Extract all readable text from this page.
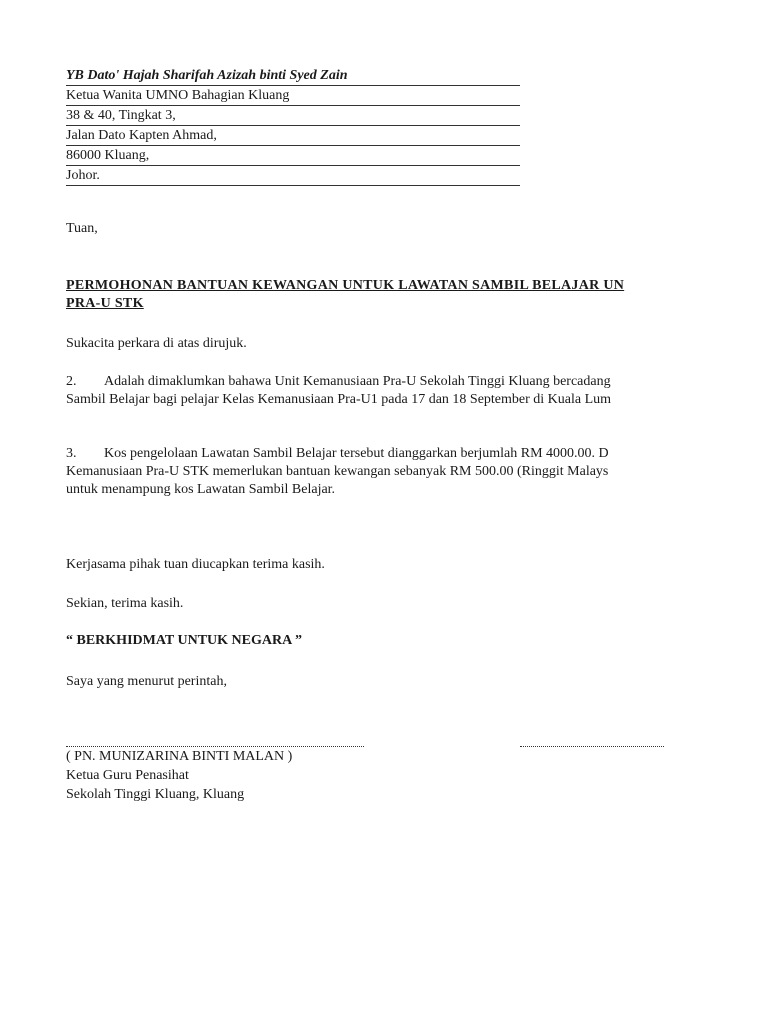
YB Dato' Hajah Sharifah Azizah binti Syed Zain
Ketua Wanita UMNO Bahagian Kluang
38 & 40, Tingkat 3,
Jalan Dato Kapten Ahmad,
86000 Kluang,
Johor.
Tuan,
PERMOHONAN BANTUAN KEWANGAN UNTUK LAWATAN SAMBIL BELAJAR UN
PRA-U STK
Sukacita perkara di atas dirujuk.
2. Adalah dimaklumkan bahawa Unit Kemanusiaan Pra-U Sekolah Tinggi Kluang bercadang
Sambil Belajar bagi pelajar Kelas Kemanusiaan Pra-U1 pada 17 dan 18 September di Kuala Lum
3. Kos pengelolaan Lawatan Sambil Belajar tersebut dianggarkan berjumlah RM 4000.00. D
Kemanusiaan Pra-U STK memerlukan bantuan kewangan sebanyak RM 500.00 (Ringgit Malays
untuk menampung kos Lawatan Sambil Belajar.
Kerjasama pihak tuan diucapkan terima kasih.
Sekian, terima kasih.
“ BERKHIDMAT UNTUK NEGARA ”
Saya yang menurut perintah,
( PN. MUNIZARINA BINTI MALAN )
Ketua Guru Penasihat
Sekolah Tinggi Kluang, Kluang
